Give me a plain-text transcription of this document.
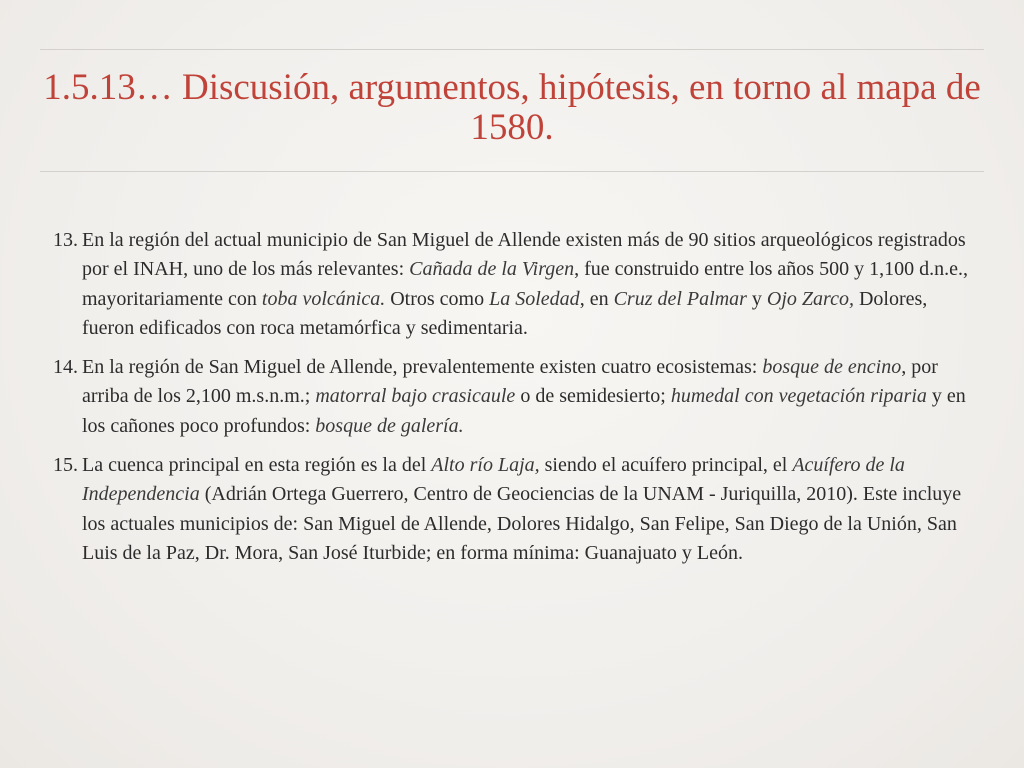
1.5.13… Discusión, argumentos, hipótesis, en torno al mapa de 1580.
13. En la región del actual municipio de San Miguel de Allende existen más de 90 sitios arqueológicos registrados por el INAH, uno de los más relevantes: Cañada de la Virgen, fue construido entre los años 500 y 1,100 d.n.e., mayoritariamente con toba volcánica. Otros como La Soledad, en Cruz del Palmar y Ojo Zarco, Dolores, fueron edificados con roca metamórfica y sedimentaria.
14. En la región de San Miguel de Allende, prevalentemente existen cuatro ecosistemas: bosque de encino, por arriba de los 2,100 m.s.n.m.; matorral bajo crasicaule o de semidesierto; humedal con vegetación riparia y en los cañones poco profundos: bosque de galería.
15. La cuenca principal en esta región es la del Alto río Laja, siendo el acuífero principal, el Acuífero de la Independencia (Adrián Ortega Guerrero, Centro de Geociencias de la UNAM - Juriquilla, 2010). Este incluye los actuales municipios de: San Miguel de Allende, Dolores Hidalgo, San Felipe, San Diego de la Unión, San Luis de la Paz, Dr. Mora, San José Iturbide; en forma mínima: Guanajuato y León.
